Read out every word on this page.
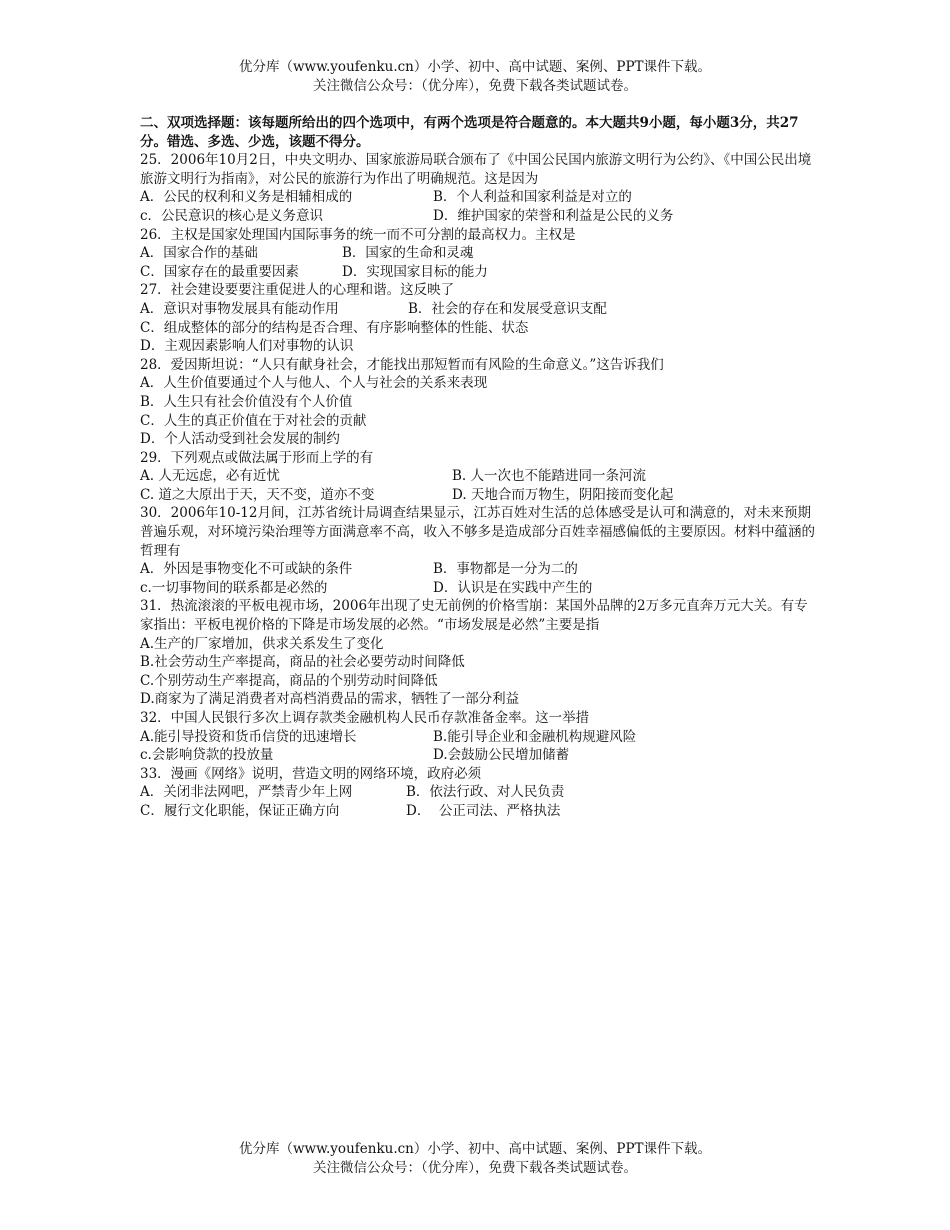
优分库（www.youfenku.cn）小学、初中、高中试题、案例、PPT课件下载。
关注微信公众号：（优分库），免费下载各类试题试卷。
二、双项选择题：该每题所给出的四个选项中，有两个选项是符合题意的。本大题共9小题，每小题3分，共27分。错选、多选、少选，该题不得分。
25．2006年10月2日，中央文明办、国家旅游局联合颁布了《中国公民国内旅游文明行为公约》、《中国公民出境旅游文明行为指南》，对公民的旅游行为作出了明确规范。这是因为
A．公民的权利和义务是相辅相成的	B．个人利益和国家利益是对立的
c．公民意识的核心是义务意识	D．维护国家的荣誉和利益是公民的义务
26．主权是国家处理国内国际事务的统一而不可分割的最高权力。主权是
A．国家合作的基础	B．国家的生命和灵魂
C．国家存在的最重要因素	D．实现国家目标的能力
27．社会建设要要注重促进人的心理和谐。这反映了
A．意识对事物发展具有能动作用	B．社会的存在和发展受意识支配
C．组成整体的部分的结构是否合理、有序影响整体的性能、状态
D．主观因素影响人们对事物的认识
28．爱因斯坦说：“人只有献身社会，才能找出那短暂而有风险的生命意义。”这告诉我们
A．人生价值要通过个人与他人、个人与社会的关系来表现
B．人生只有社会价值没有个人价值
C．人生的真正价值在于对社会的贡献
D．个人活动受到社会发展的制约
29．下列观点或做法属于形而上学的有
A. 人无远虑，必有近忧	B. 人一次也不能踏进同一条河流
C. 道之大原出于天，天不变，道亦不变	D. 天地合而万物生，阴阳接而变化起
30．2006年10-12月间，江苏省统计局调查结果显示，江苏百姓对生活的总体感受是认可和满意的，对未来预期普遍乐观，对环境污染治理等方面满意率不高，收入不够多是造成部分百姓幸福感偏低的主要原因。材料中蕴涵的哲理有
A．外因是事物变化不可或缺的条件	B．事物都是一分为二的
c.一切事物间的联系都是必然的	D．认识是在实践中产生的
31．热流滚滚的平板电视市场，2006年出现了史无前例的价格雪崩：某国外品牌的2万多元直奔万元大关。有专家指出：平板电视价格的下降是市场发展的必然。“市场发展是必然”主要是指
A.生产的厂家增加，供求关系发生了变化
B.社会劳动生产率提高，商品的社会必要劳动时间降低
C.个别劳动生产率提高，商品的个别劳动时间降低
D.商家为了满足消费者对高档消费品的需求，牺牲了一部分利益
32．中国人民银行多次上调存款类金融机构人民币存款准备金率。这一举措
A.能引导投资和货币信贷的迅速增长	B.能引导企业和金融机构规避风险
c.会影响贷款的投放量	D.会鼓励公民增加储蓄
33．漫画《网络》说明，营造文明的网络环境，政府必须
A．关闭非法网吧，严禁青少年上网	B．依法行政、对人民负责
C．履行文化职能，保证正确方向	D．  公正司法、严格执法
优分库（www.youfenku.cn）小学、初中、高中试题、案例、PPT课件下载。
关注微信公众号：（优分库），免费下载各类试题试卷。
